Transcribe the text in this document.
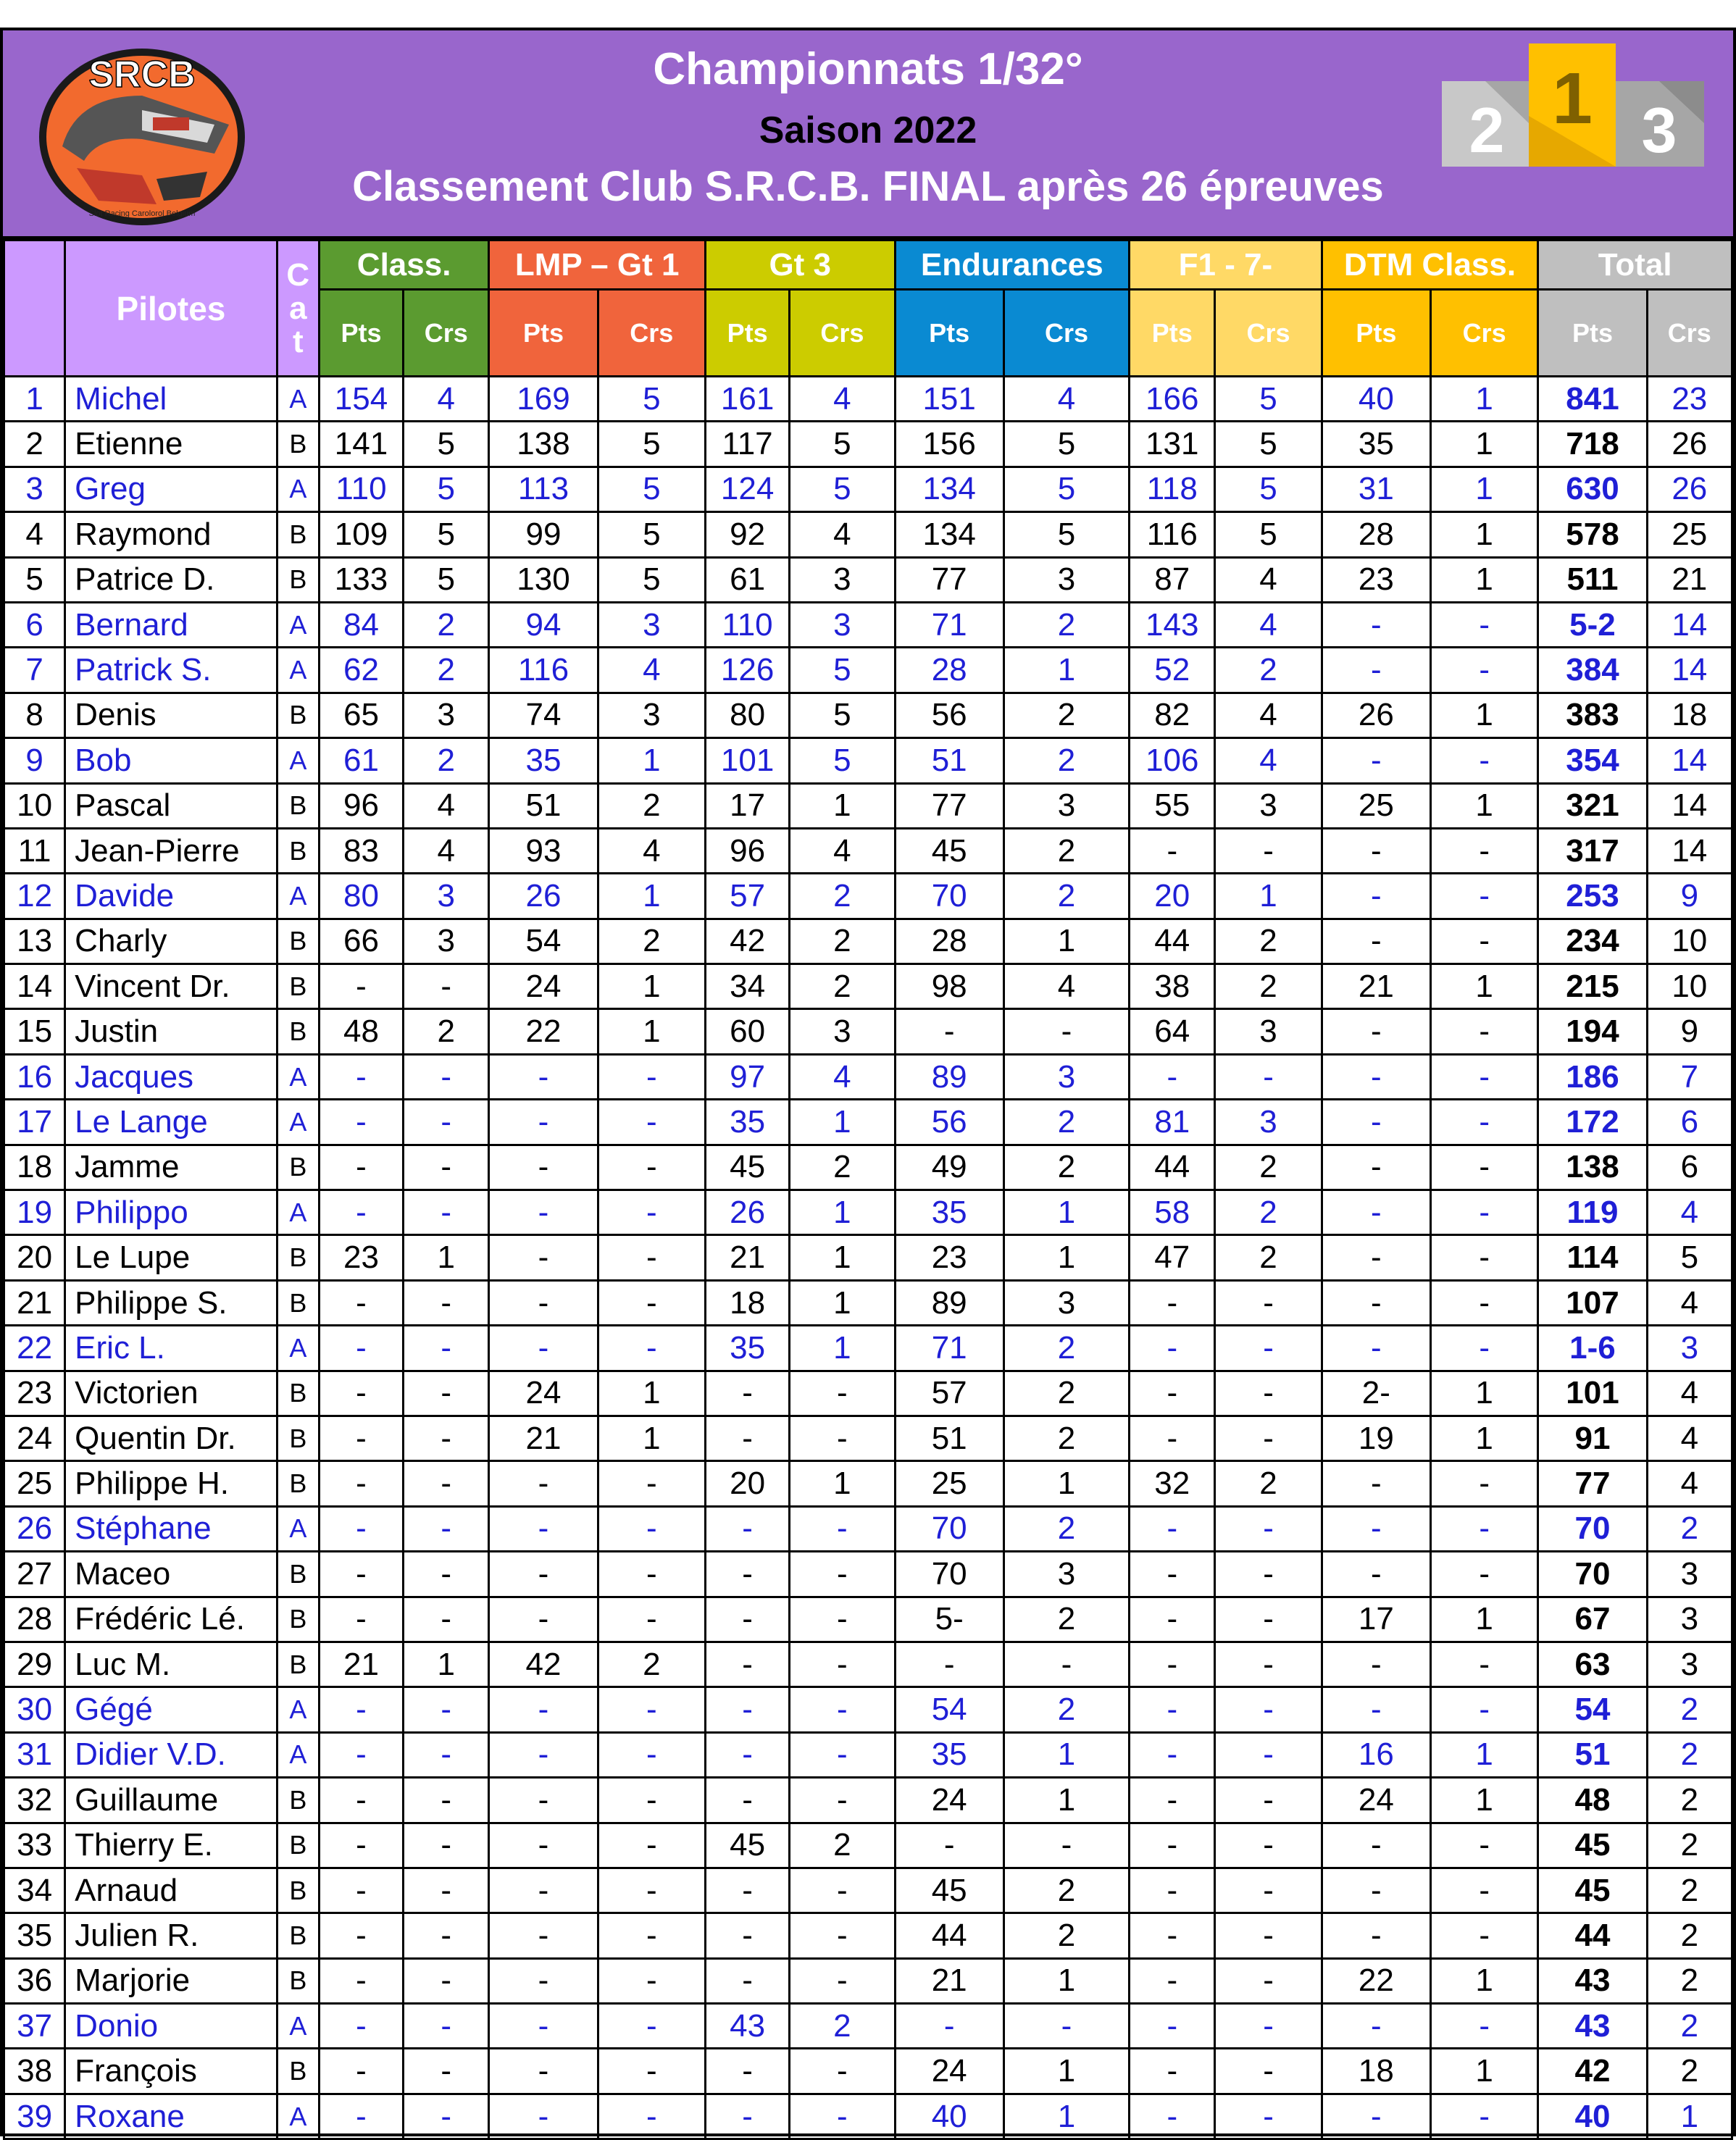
Championnats 1/32°
Saison 2022
Classement Club S.R.C.B. FINAL après 26 épreuves
SRCB
Slot Racing Carolorol Belgium
2 1 3
	Pilotes	C
a
t	Class.		LMP – Gt 1		Gt 3		Endurances		F1 - 7-		DTM Class.		Total	
			Pts	Crs	Pts	Crs	Pts	Crs	Pts	Crs	Pts	Crs	Pts	Crs	Pts	Crs
1	Michel	A	154	4	169	5	161	4	151	4	166	5	40	1	841	23
2	Etienne	B	141	5	138	5	117	5	156	5	131	5	35	1	718	26
3	Greg	A	110	5	113	5	124	5	134	5	118	5	31	1	630	26
4	Raymond	B	109	5	99	5	92	4	134	5	116	5	28	1	578	25
5	Patrice D.	B	133	5	130	5	61	3	77	3	87	4	23	1	511	21
6	Bernard	A	84	2	94	3	110	3	71	2	143	4	-	-	5-2	14
7	Patrick S.	A	62	2	116	4	126	5	28	1	52	2	-	-	384	14
8	Denis	B	65	3	74	3	80	5	56	2	82	4	26	1	383	18
9	Bob	A	61	2	35	1	101	5	51	2	106	4	-	-	354	14
10	Pascal	B	96	4	51	2	17	1	77	3	55	3	25	1	321	14
11	Jean-Pierre	B	83	4	93	4	96	4	45	2	-	-	-	-	317	14
12	Davide	A	80	3	26	1	57	2	70	2	20	1	-	-	253	9
13	Charly	B	66	3	54	2	42	2	28	1	44	2	-	-	234	10
14	Vincent Dr.	B	-	-	24	1	34	2	98	4	38	2	21	1	215	10
15	Justin	B	48	2	22	1	60	3	-	-	64	3	-	-	194	9
16	Jacques	A	-	-	-	-	97	4	89	3	-	-	-	-	186	7
17	Le Lange	A	-	-	-	-	35	1	56	2	81	3	-	-	172	6
18	Jamme	B	-	-	-	-	45	2	49	2	44	2	-	-	138	6
19	Philippo	A	-	-	-	-	26	1	35	1	58	2	-	-	119	4
20	Le Lupe	B	23	1	-	-	21	1	23	1	47	2	-	-	114	5
21	Philippe S.	B	-	-	-	-	18	1	89	3	-	-	-	-	107	4
22	Eric L.	A	-	-	-	-	35	1	71	2	-	-	-	-	1-6	3
23	Victorien	B	-	-	24	1	-	-	57	2	-	-	2-	1	101	4
24	Quentin Dr.	B	-	-	21	1	-	-	51	2	-	-	19	1	91	4
25	Philippe H.	B	-	-	-	-	20	1	25	1	32	2	-	-	77	4
26	Stéphane	A	-	-	-	-	-	-	70	2	-	-	-	-	70	2
27	Maceo	B	-	-	-	-	-	-	70	3	-	-	-	-	70	3
28	Frédéric Lé.	B	-	-	-	-	-	-	5-	2	-	-	17	1	67	3
29	Luc M.	B	21	1	42	2	-	-	-	-	-	-	-	-	63	3
30	Gégé	A	-	-	-	-	-	-	54	2	-	-	-	-	54	2
31	Didier V.D.	A	-	-	-	-	-	-	35	1	-	-	16	1	51	2
32	Guillaume	B	-	-	-	-	-	-	24	1	-	-	24	1	48	2
33	Thierry E.	B	-	-	-	-	45	2	-	-	-	-	-	-	45	2
34	Arnaud	B	-	-	-	-	-	-	45	2	-	-	-	-	45	2
35	Julien R.	B	-	-	-	-	-	-	44	2	-	-	-	-	44	2
36	Marjorie	B	-	-	-	-	-	-	21	1	-	-	22	1	43	2
37	Donio	A	-	-	-	-	43	2	-	-	-	-	-	-	43	2
38	François	B	-	-	-	-	-	-	24	1	-	-	18	1	42	2
39	Roxane	A	-	-	-	-	-	-	40	1	-	-	-	-	40	1
